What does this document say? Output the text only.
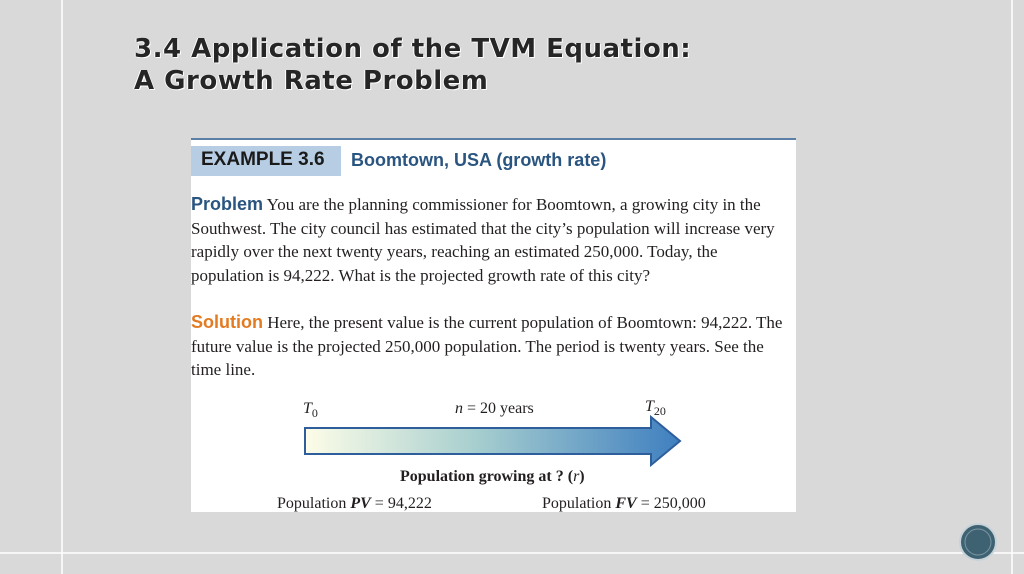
3.4 Application of the TVM Equation:
A Growth Rate Problem
EXAMPLE 3.6 Boomtown, USA (growth rate)

Problem You are the planning commissioner for Boomtown, a growing city in the Southwest. The city council has estimated that the city’s population will increase very rapidly over the next twenty years, reaching an estimated 250,000. Today, the population is 94,222. What is the projected growth rate of this city?

Solution Here, the present value is the current population of Boomtown: 94,222. The future value is the projected 250,000 population. The period is twenty years. See the time line.

$T_0$	n = 20 years	$T_{20}$
Population growing at ? (r)
Population PV = 94,222	Population FV = 250,000
